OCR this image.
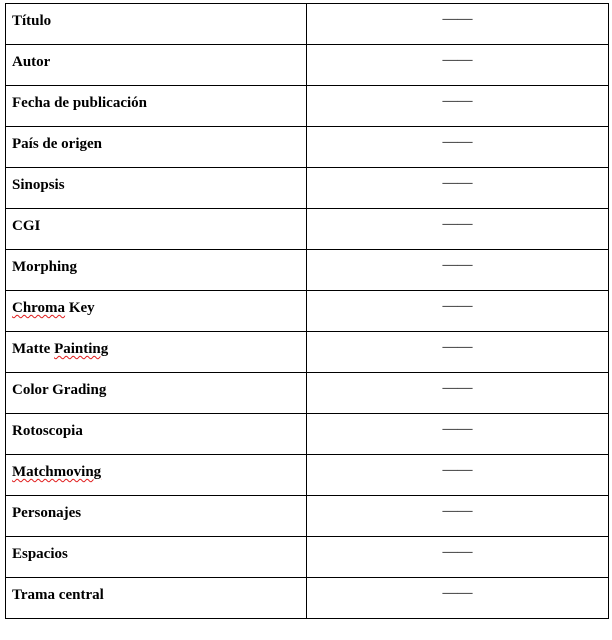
Título	——
Autor	——
Fecha de publicación	——
País de origen	——
Sinopsis	——
CGI	——
Morphing	——
Chroma Key	——
Matte Painting	——
Color Grading	——
Rotoscopia	——
Matchmoving	——
Personajes	——
Espacios	——
Trama central	——
